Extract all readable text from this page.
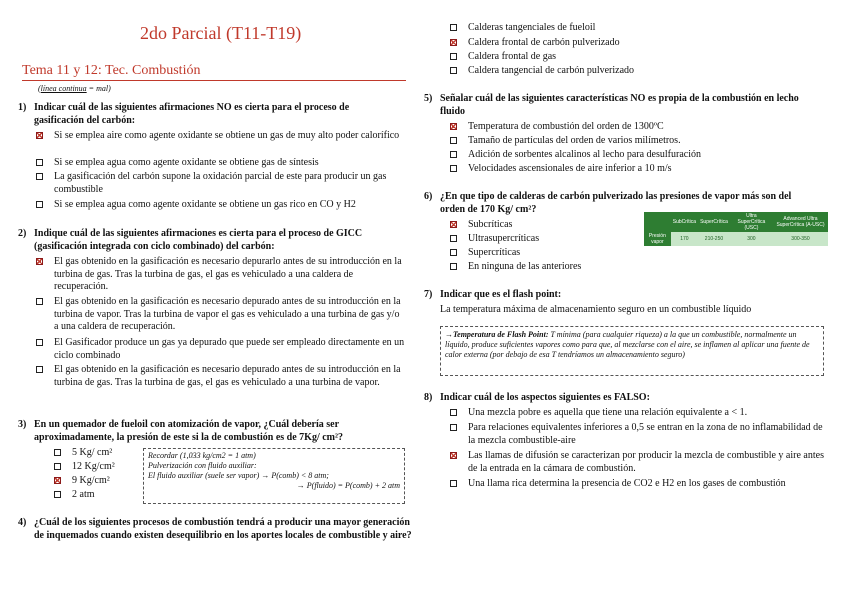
2do Parcial (T11-T19)
Tema 11 y 12: Tec. Combustión
(línea continua = mal)
1) Indicar cuál de las siguientes afirmaciones NO es cierta para el proceso de gasificación del carbón:
Si se emplea aire como agente oxidante se obtiene un gas de muy alto poder calorífico
Si se emplea agua como agente oxidante se obtiene gas de síntesis
La gasificación del carbón supone la oxidación parcial de este para producir un gas combustible
Si se emplea agua como agente oxidante se obtiene un gas rico en CO y H2
2) Indique cuál de las siguientes afirmaciones es cierta para el proceso de GICC (gasificación integrada con ciclo combinado) del carbón:
El gas obtenido en la gasificación es necesario depurarlo antes de su introducción en la turbina de gas. Tras la turbina de gas, el gas es vehiculado a una caldera de recuperación.
El gas obtenido en la gasificación es necesario depurado antes de su introducción en la turbina de vapor. Tras la turbina de vapor el gas es vehiculado a una turbina de gas y/o a una caldera de recuperación.
El Gasificador produce un gas ya depurado que puede ser empleado directamente en un ciclo combinado
El gas obtenido en la gasificación es necesario depurado antes de su introducción en la turbina de gas. Tras la turbina de gas, el gas es vehiculado a una turbina de vapor.
3) En un quemador de fueloil con atomización de vapor, ¿Cuál debería ser aproximadamente, la presión de este si la de combustión es de 7Kg/ cm²?
5 Kg/ cm²
12 Kg/cm²
9 Kg/cm²
2 atm
Recordar (1,033 kg/cm2 = 1 atm)
Pulverización con fluido auxiliar:
El fluido auxiliar (suele ser vapor) → P(comb) < 8 atm;
→ P(fluido) = P(comb) + 2 atm
4) ¿Cuál de los siguientes procesos de combustión tendrá a producir una mayor generación de inquemados cuando existen desequilibrio en los aportes locales de combustible y aire?
Calderas tangenciales de fueloil
Caldera frontal de carbón pulverizado
Caldera frontal de gas
Caldera tangencial de carbón pulverizado
5) Señalar cuál de las siguientes características NO es propia de la combustión en lecho fluido
Temperatura de combustión del orden de 1300ºC
Tamaño de partículas del orden de varios milímetros.
Adición de sorbentes alcalinos al lecho para desulfuración
Velocidades ascensionales de aire inferior a 10 m/s
6) ¿En que tipo de calderas de carbón pulverizado las presiones de vapor más son del orden de 170 Kg/ cm²?
Subcríticas
Ultrasupercríticas
Supercríticas
En ninguna de las anteriores
	SubCrítica	SuperCrítica	Ultra SuperCrítica (USC)	Advanced Ultra SuperCrítica (A-USC)
Presión vapor	170	210-250	300	300-350
7) Indicar que es el flash point:
La temperatura máxima de almacenamiento seguro en un combustible líquido
→Temperatura de Flash Point: T mínima (para cualquier riqueza) a la que un combustible, normalmente un líquido, produce suficientes vapores como para que, al mezclarse con el aire, se inflamen al aplicar una fuente de calor externa (por debajo de esa T tendríamos un almacenamiento seguro)
8) Indicar cuál de los aspectos siguientes es FALSO:
Una mezcla pobre es aquella que tiene una relación equivalente a < 1.
Para relaciones equivalentes inferiores a 0,5 se entran en la zona de no inflamabilidad de la mezcla combustible-aire
Las llamas de difusión se caracterizan por producir la mezcla de combustible y aire antes de la entrada en la cámara de combustión.
Una llama rica determina la presencia de CO2 e H2 en los gases de combustión
